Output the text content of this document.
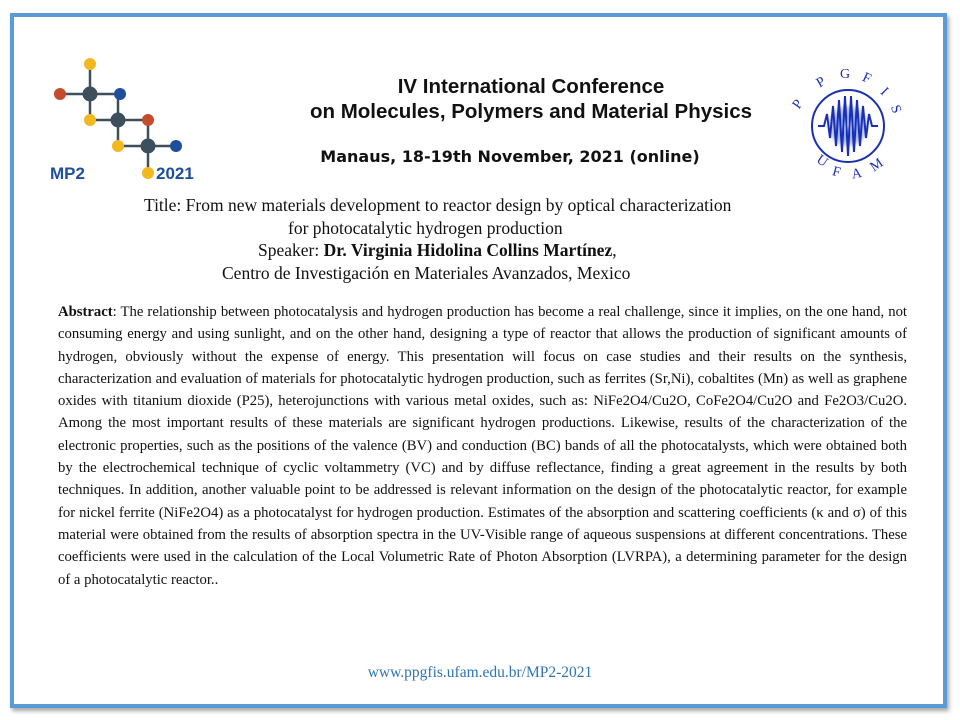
MP2	2021
IV International Conference
on Molecules, Polymers and Material Physics	P
P G F
I
S
U
F A M
Manaus, 18-19th November, 2021 (online)
Title: From new materials development to reactor design by optical characterization
for photocatalytic hydrogen production
Speaker: Dr. Virginia Hidolina Collins Martínez,
Centro de Investigación en Materiales Avanzados, Mexico
Abstract: The relationship between photocatalysis and hydrogen production has become a real challenge, since it implies, on the one hand, not consuming energy and using sunlight, and on the other hand, designing a type of reactor that allows the production of significant amounts of hydrogen, obviously without the expense of energy. This presentation will focus on case studies and their results on the synthesis, characterization and evaluation of materials for photocatalytic hydrogen production, such as ferrites (Sr,Ni), cobaltites (Mn) as well as graphene oxides with titanium dioxide (P25), heterojunctions with various metal oxides, such as: NiFe2O4/Cu2O, CoFe2O4/Cu2O and Fe2O3/Cu2O. Among the most important results of these materials are significant hydrogen productions. Likewise, results of the characterization of the electronic properties, such as the positions of the valence (BV) and conduction (BC) bands of all the photocatalysts, which were obtained both by the electrochemical technique of cyclic voltammetry (VC) and by diffuse reflectance, finding a great agreement in the results by both techniques. In addition, another valuable point to be addressed is relevant information on the design of the photocatalytic reactor, for example for nickel ferrite (NiFe2O4) as a photocatalyst for hydrogen production. Estimates of the absorption and scattering coefficients (κ and σ) of this material were obtained from the results of absorption spectra in the UV-Visible range of aqueous suspensions at different concentrations. These coefficients were used in the calculation of the Local Volumetric Rate of Photon Absorption (LVRPA), a determining parameter for the design of a photocatalytic reactor..
www.ppgfis.ufam.edu.br/MP2-2021
